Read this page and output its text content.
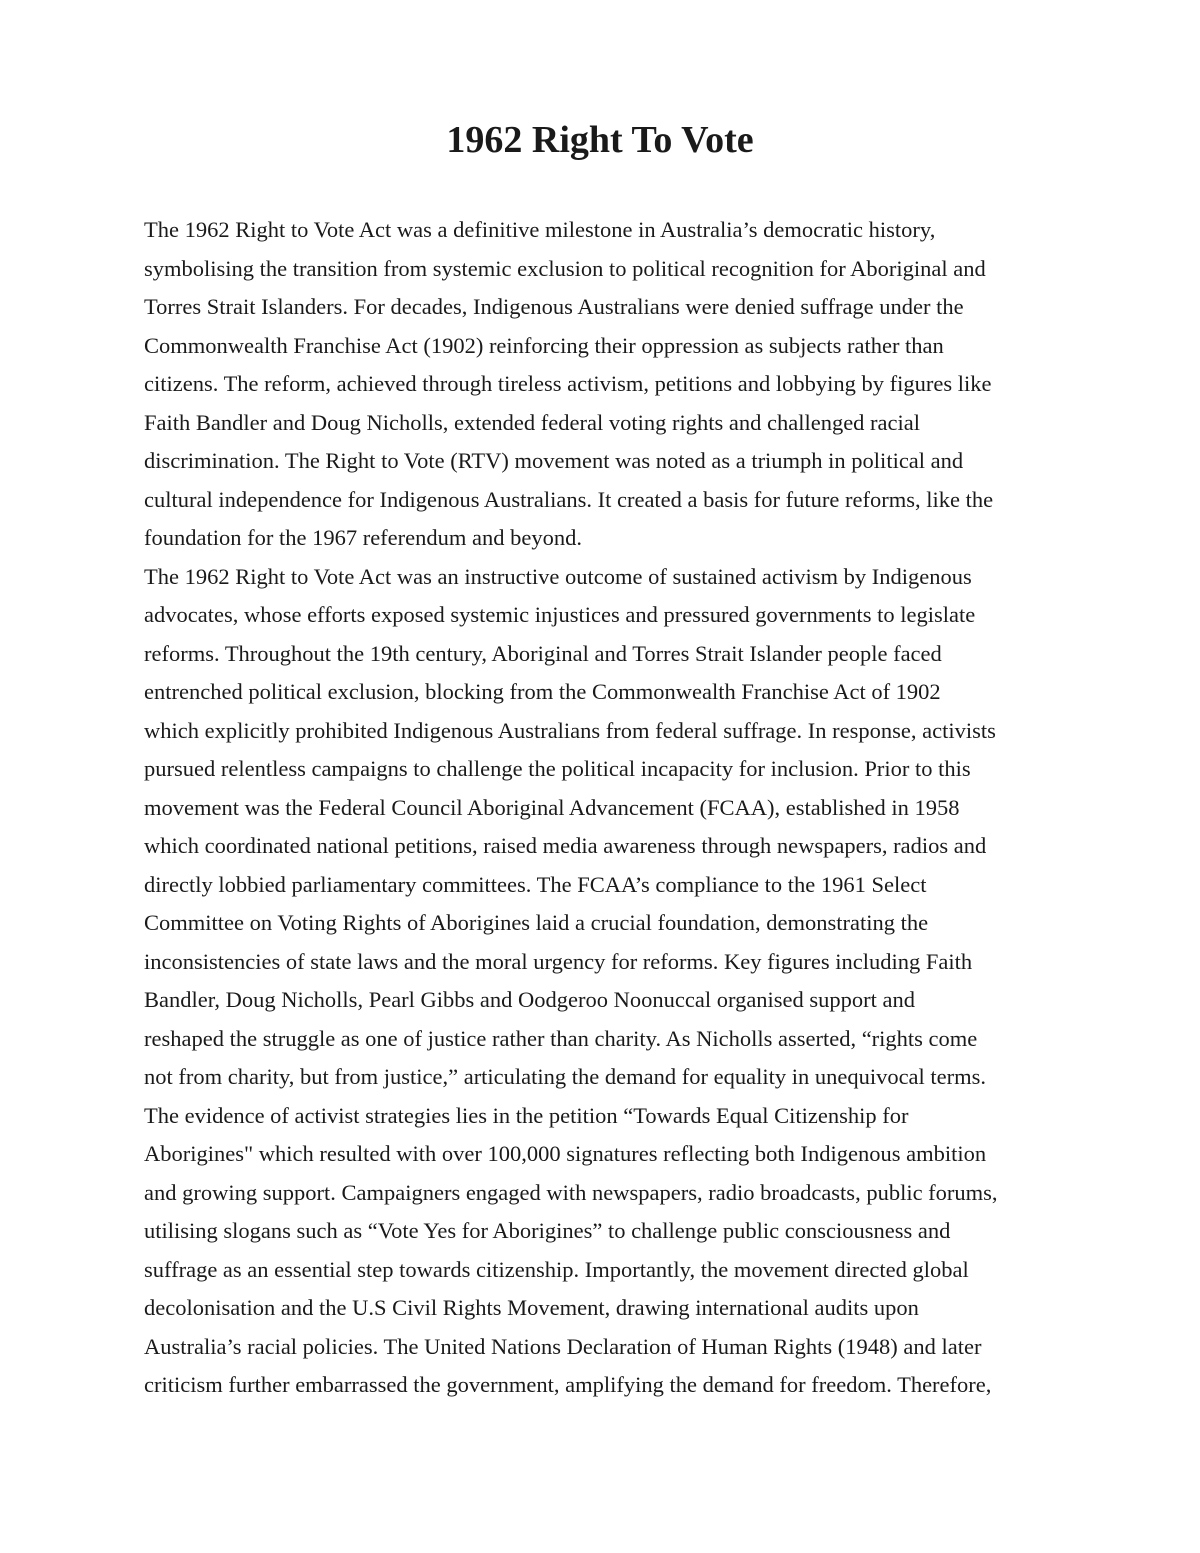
1962 Right To Vote
The 1962 Right to Vote Act was a definitive milestone in Australia’s democratic history,
symbolising the transition from systemic exclusion to political recognition for Aboriginal and
Torres Strait Islanders. For decades, Indigenous Australians were denied suffrage under the
Commonwealth Franchise Act (1902) reinforcing their oppression as subjects rather than
citizens. The reform, achieved through tireless activism, petitions and lobbying by figures like
Faith Bandler and Doug Nicholls, extended federal voting rights and challenged racial
discrimination. The Right to Vote (RTV) movement was noted as a triumph in political and
cultural independence for Indigenous Australians. It created a basis for future reforms, like the
foundation for the 1967 referendum and beyond.
The 1962 Right to Vote Act was an instructive outcome of sustained activism by Indigenous
advocates, whose efforts exposed systemic injustices and pressured governments to legislate
reforms. Throughout the 19th century, Aboriginal and Torres Strait Islander people faced
entrenched political exclusion, blocking from the Commonwealth Franchise Act of 1902
which explicitly prohibited Indigenous Australians from federal suffrage. In response, activists
pursued relentless campaigns to challenge the political incapacity for inclusion. Prior to this
movement was the Federal Council Aboriginal Advancement (FCAA), established in 1958
which coordinated national petitions, raised media awareness through newspapers, radios and
directly lobbied parliamentary committees. The FCAA’s compliance to the 1961 Select
Committee on Voting Rights of Aborigines laid a crucial foundation, demonstrating the
inconsistencies of state laws and the moral urgency for reforms. Key figures including Faith
Bandler, Doug Nicholls, Pearl Gibbs and Oodgeroo Noonuccal organised support and
reshaped the struggle as one of justice rather than charity. As Nicholls asserted, “rights come
not from charity, but from justice,” articulating the demand for equality in unequivocal terms.
The evidence of activist strategies lies in the petition “Towards Equal Citizenship for
Aborigines" which resulted with over 100,000 signatures reflecting both Indigenous ambition
and growing support. Campaigners engaged with newspapers, radio broadcasts, public forums,
utilising slogans such as “Vote Yes for Aborigines” to challenge public consciousness and
suffrage as an essential step towards citizenship. Importantly, the movement directed global
decolonisation and the U.S Civil Rights Movement, drawing international audits upon
Australia’s racial policies. The United Nations Declaration of Human Rights (1948) and later
criticism further embarrassed the government, amplifying the demand for freedom. Therefore,
